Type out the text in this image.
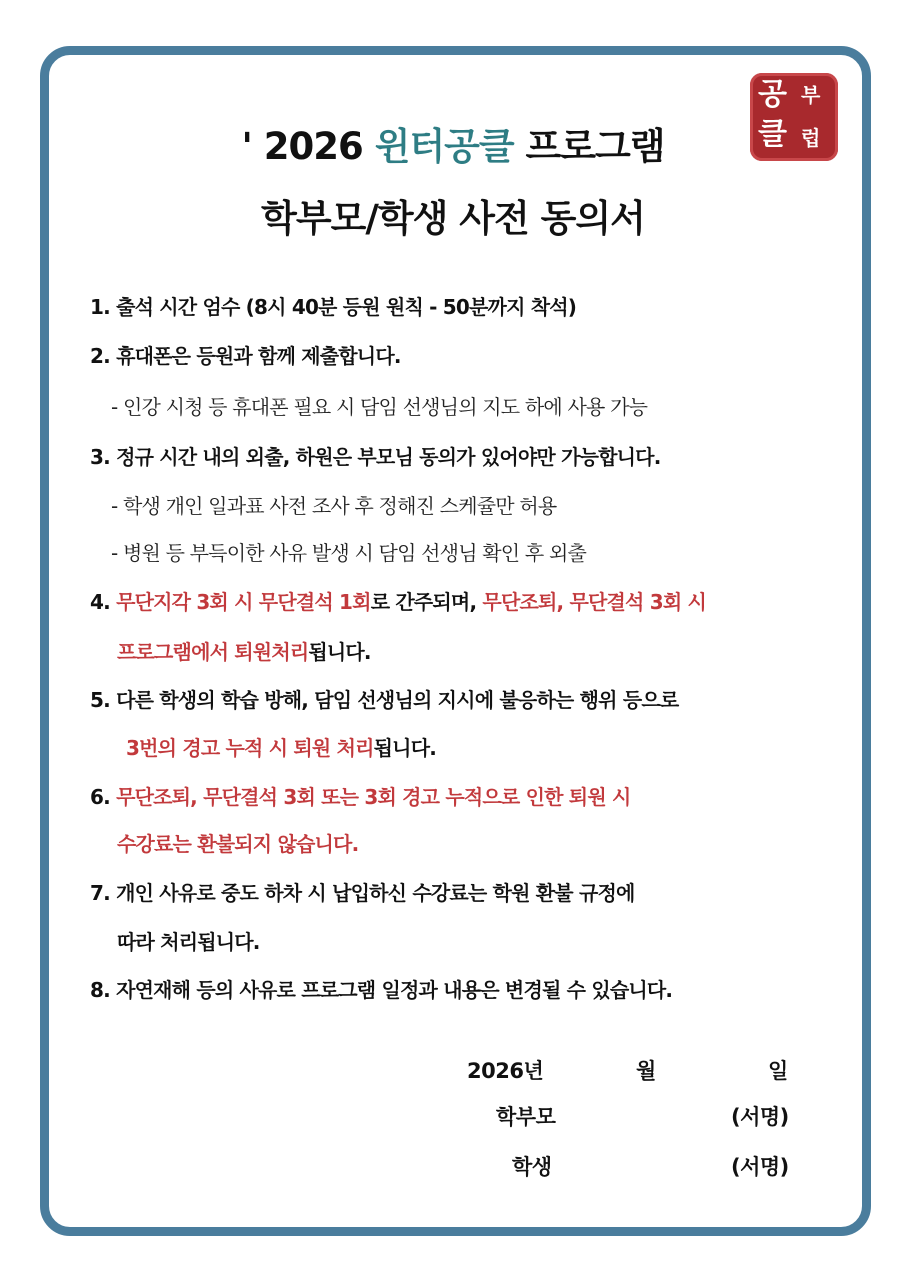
공 부
클 럽
' 2026 윈터공클 프로그램
학부모/학생 사전 동의서
1. 출석 시간 엄수 (8시 40분 등원 원칙 - 50분까지 착석)
2. 휴대폰은 등원과 함께 제출합니다.
- 인강 시청 등 휴대폰 필요 시 담임 선생님의 지도 하에 사용 가능
3. 정규 시간 내의 외출, 하원은 부모님 동의가 있어야만 가능합니다.
- 학생 개인 일과표 사전 조사 후 정해진 스케쥴만 허용
- 병원 등 부득이한 사유 발생 시 담임 선생님 확인 후 외출
4. 무단지각 3회 시 무단결석 1회로 간주되며, 무단조퇴, 무단결석 3회 시
프로그램에서 퇴원처리됩니다.
5. 다른 학생의 학습 방해, 담임 선생님의 지시에 불응하는 행위 등으로
3번의 경고 누적 시 퇴원 처리됩니다.
6. 무단조퇴, 무단결석 3회 또는 3회 경고 누적으로 인한 퇴원 시
수강료는 환불되지 않습니다.
7. 개인 사유로 중도 하차 시 납입하신 수강료는 학원 환불 규정에
따라 처리됩니다.
8. 자연재해 등의 사유로 프로그램 일정과 내용은 변경될 수 있습니다.
2026년	월	일
학부모	(서명)
학생	(서명)
